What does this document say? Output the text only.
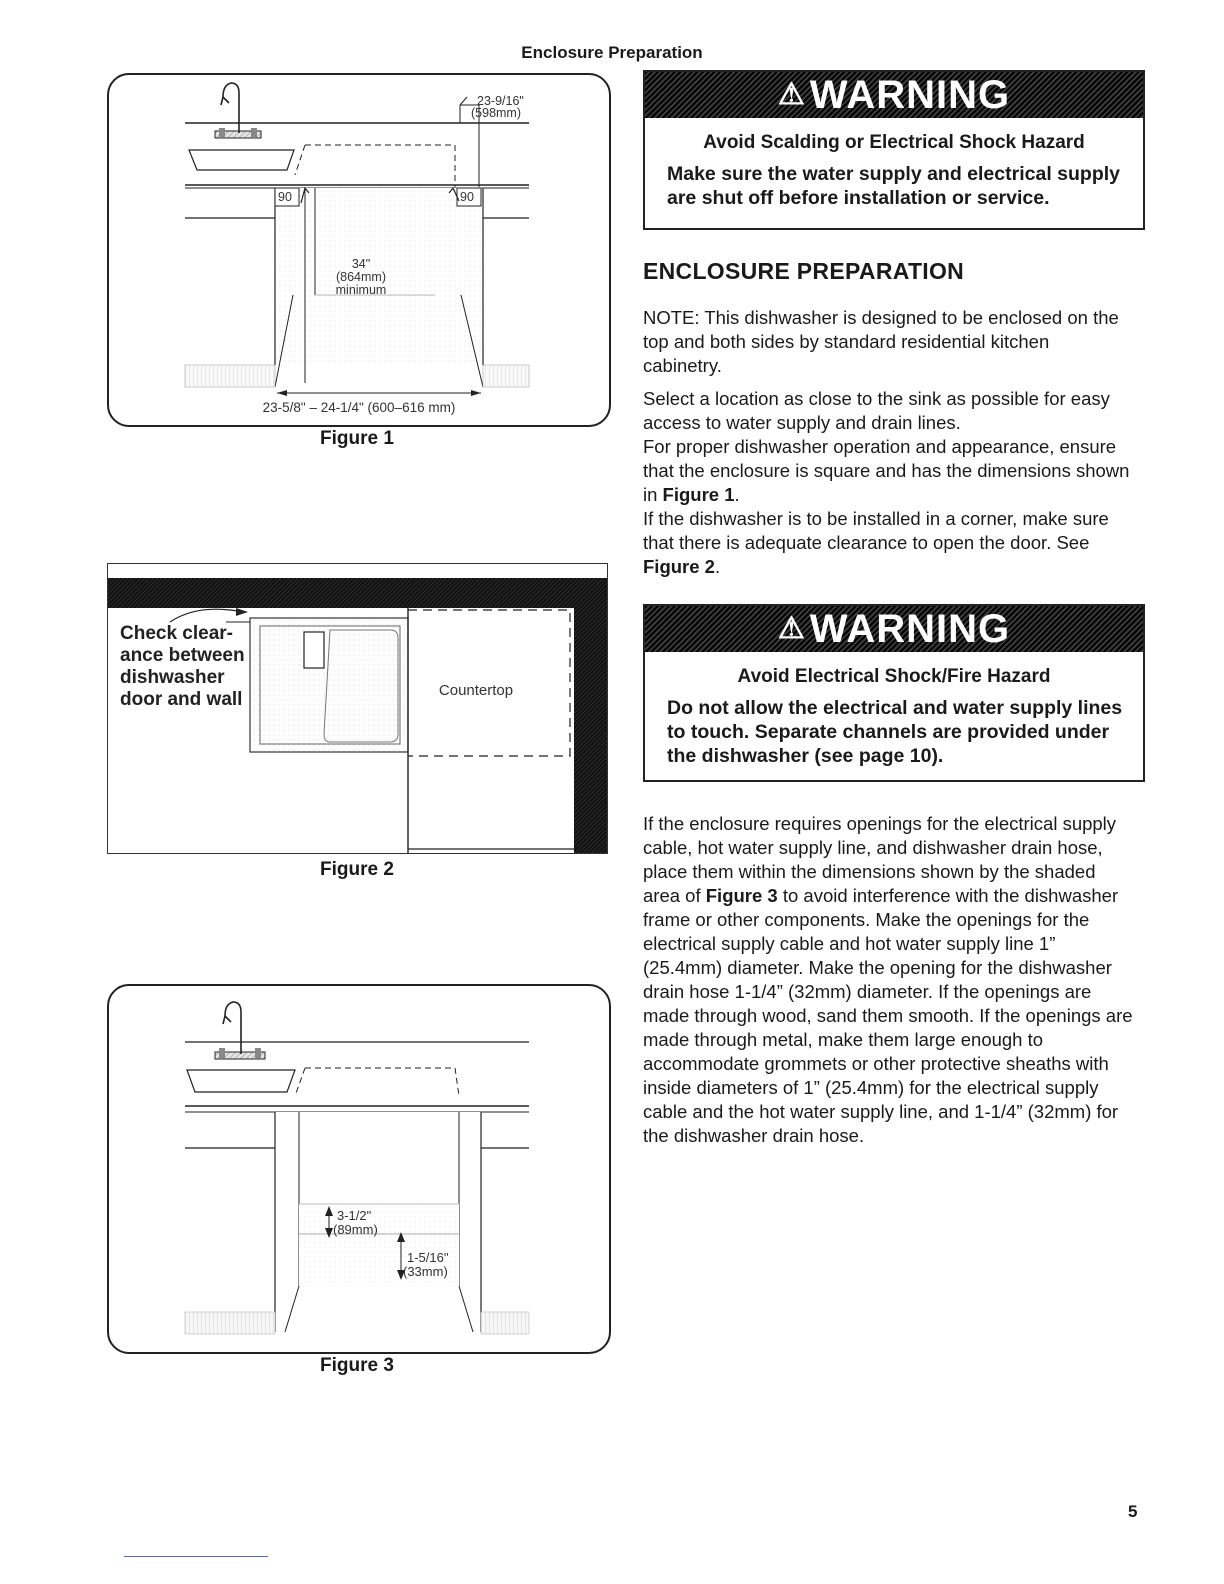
Enclosure Preparation
23-9/16"
(598mm)
90	90
34"
(864mm)
minimum
23-5/8" – 24-1/4" (600–616 mm)
Figure 1
Countertop
Check clear-
ance between
dishwasher
door and wall
Figure 2
3-1/2"
(89mm)
1-5/16"
(33mm)
Figure 3
⚠ WARNING
Avoid Scalding or Electrical Shock Hazard
Make sure the water supply and electrical supply are shut off before installation or service.
ENCLOSURE PREPARATION

NOTE: This dishwasher is designed to be enclosed on the top and both sides by standard residential kitchen cabinetry.

Select a location as close to the sink as possible for easy access to water supply and drain lines.

For proper dishwasher operation and appearance, ensure that the enclosure is square and has the dimensions shown in Figure 1.

If the dishwasher is to be installed in a corner, make sure that there is adequate clearance to open the door. See Figure 2.

⚠ WARNING
Avoid Electrical Shock/Fire Hazard
Do not allow the electrical and water supply lines to touch. Separate channels are provided under the dishwasher (see page 10).

If the enclosure requires openings for the electrical supply cable, hot water supply line, and dishwasher drain hose, place them within the dimensions shown by the shaded area of Figure 3 to avoid interference with the dishwasher frame or other components. Make the openings for the electrical supply cable and hot water supply line 1” (25.4mm) diameter. Make the opening for the dishwasher drain hose 1-1/4” (32mm) diameter. If the openings are made through wood, sand them smooth. If the openings are made through metal, make them large enough to accommodate grommets or other protective sheaths with inside diameters of 1” (25.4mm) for the electrical supply cable and the hot water supply line, and 1-1/4” (32mm) for the dishwasher drain hose.

5
